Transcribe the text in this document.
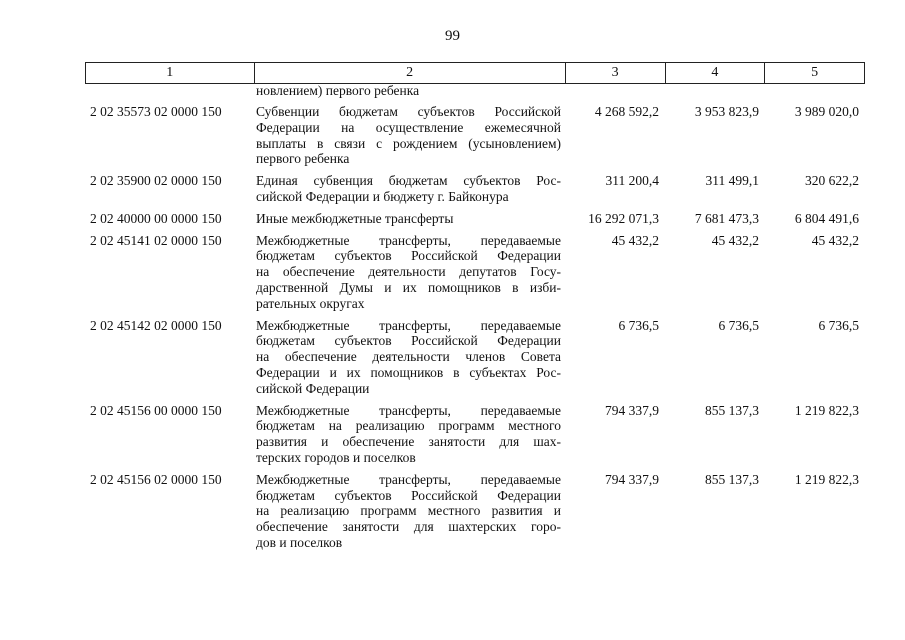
99
1	2	3	4	5
новлением) первого ребенка
2 02 35573 02 0000 150	Субвенции бюджетам субъектов Российской
Федерации на осуществление ежемесячной
выплаты в связи с рождением (усыновлением)
первого ребенка
4 268 592,2	3 953 823,9	3 989 020,0
2 02 35900 02 0000 150	Единая субвенция бюджетам субъектов Рос-
сийской Федерации и бюджету г. Байконура
311 200,4	311 499,1	320 622,2
2 02 40000 00 0000 150	Иные межбюджетные трансферты	16 292 071,3	7 681 473,3	6 804 491,6
2 02 45141 02 0000 150	Межбюджетные трансферты, передаваемые
бюджетам субъектов Российской Федерации
на обеспечение деятельности депутатов Госу-
дарственной Думы и их помощников в изби-
рательных округах
45 432,2	45 432,2	45 432,2
2 02 45142 02 0000 150	Межбюджетные трансферты, передаваемые
бюджетам субъектов Российской Федерации
на обеспечение деятельности членов Совета
Федерации и их помощников в субъектах Рос-
сийской Федерации
6 736,5	6 736,5	6 736,5
2 02 45156 00 0000 150	Межбюджетные трансферты, передаваемые
бюджетам на реализацию программ местного
развития и обеспечение занятости для шах-
терских городов и поселков
794 337,9	855 137,3	1 219 822,3
2 02 45156 02 0000 150	Межбюджетные трансферты, передаваемые
бюджетам субъектов Российской Федерации
на реализацию программ местного развития и
обеспечение занятости для шахтерских горо-
дов и поселков
794 337,9	855 137,3	1 219 822,3
